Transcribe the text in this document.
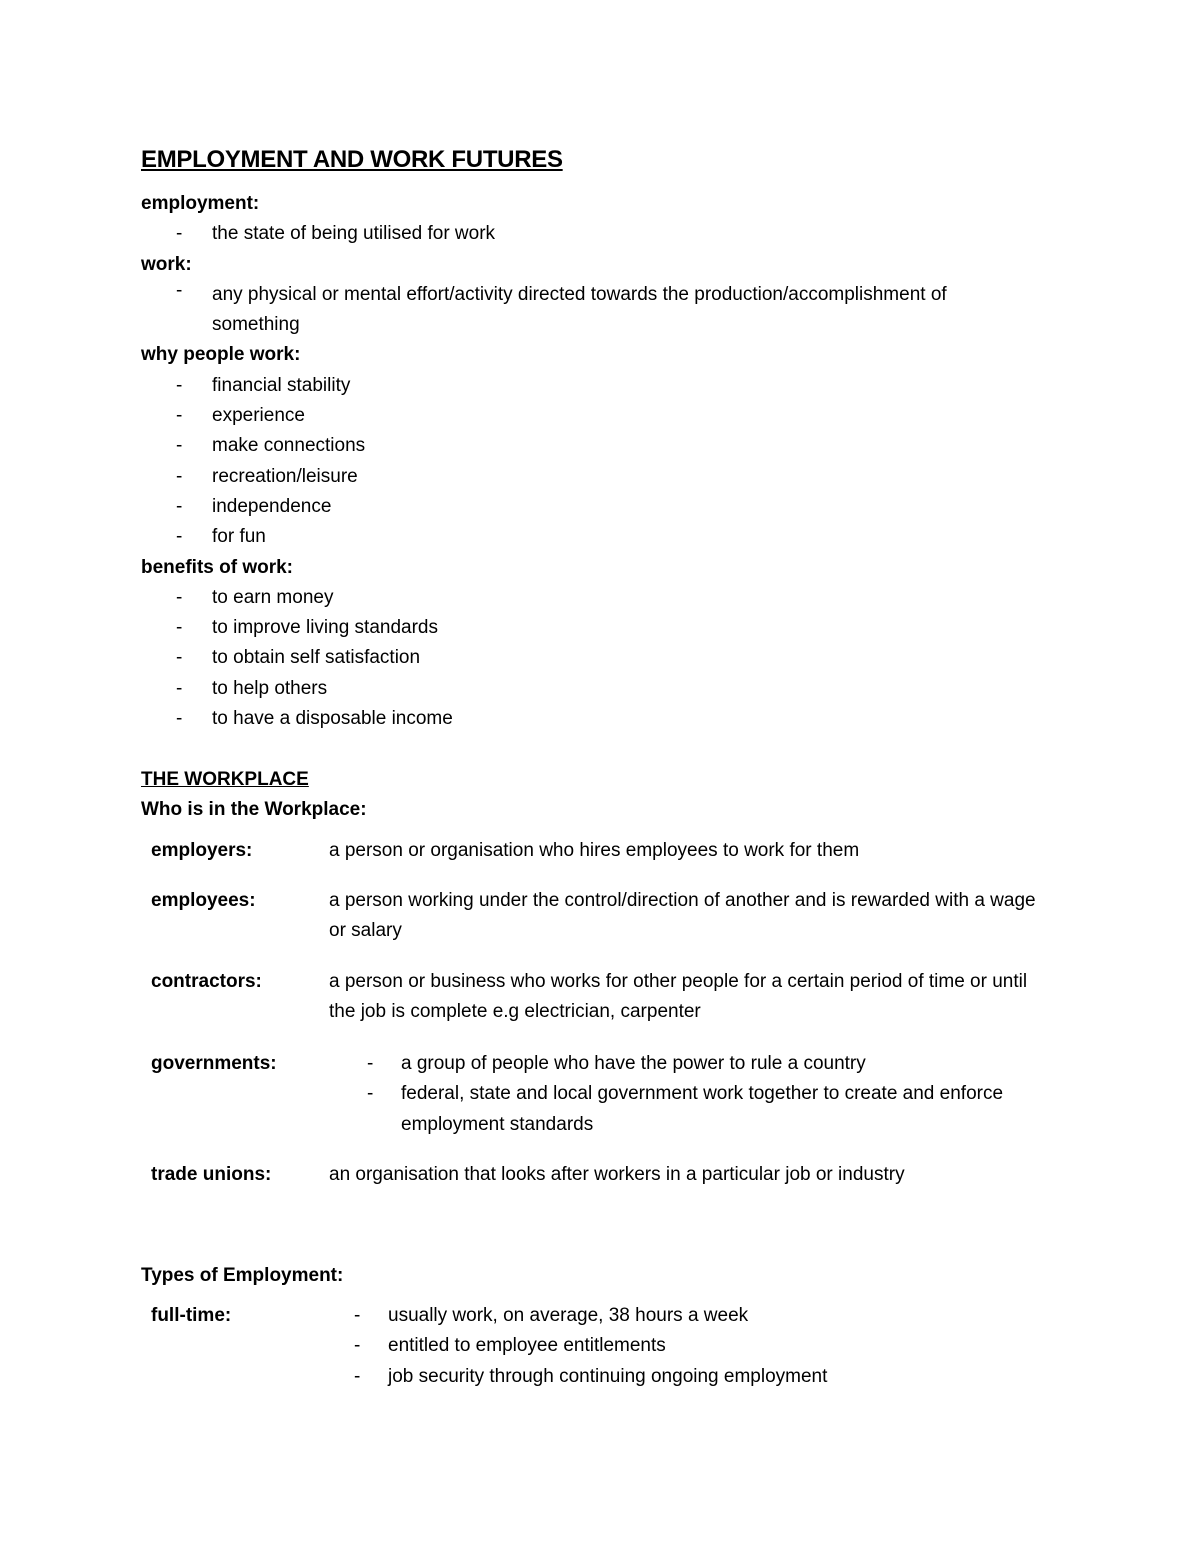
EMPLOYMENT AND WORK FUTURES
employment:
- the state of being utilised for work
work:
- any physical or mental effort/activity directed towards the production/accomplishment of something
why people work:
- financial stability
- experience
- make connections
- recreation/leisure
- independence
- for fun
benefits of work:
- to earn money
- to improve living standards
- to obtain self satisfaction
- to help others
- to have a disposable income
THE WORKPLACE
Who is in the Workplace:
employers:	a person or organisation who hires employees to work for them
employees:	a person working under the control/direction of another and is rewarded with a wage or salary
contractors:	a person or business who works for other people for a certain period of time or until the job is complete e.g electrician, carpenter
governments:	- a group of people who have the power to rule a country
- federal, state and local government work together to create and enforce employment standards
trade unions:	an organisation that looks after workers in a particular job or industry
Types of Employment:
full-time:	- usually work, on average, 38 hours a week
- entitled to employee entitlements
- job security through continuing ongoing employment
